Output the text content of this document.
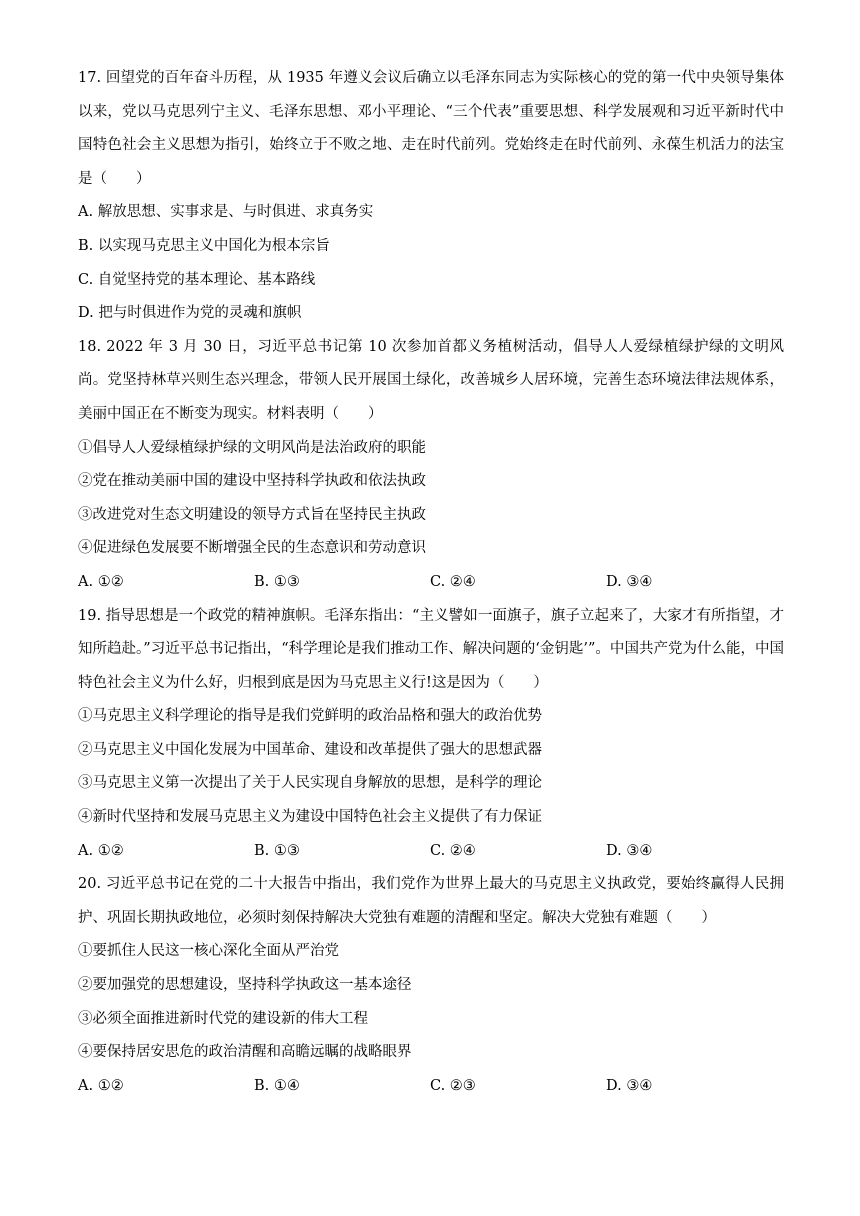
17. 回望党的百年奋斗历程，从 1935 年遵义会议后确立以毛泽东同志为实际核心的党的第一代中央领导集体以来，党以马克思列宁主义、毛泽东思想、邓小平理论、“三个代表”重要思想、科学发展观和习近平新时代中国特色社会主义思想为指引，始终立于不败之地、走在时代前列。党始终走在时代前列、永葆生机活力的法宝是（　　）

A. 解放思想、实事求是、与时俱进、求真务实

B. 以实现马克思主义中国化为根本宗旨

C. 自觉坚持党的基本理论、基本路线

D. 把与时俱进作为党的灵魂和旗帜

18. 2022 年 3 月 30 日，习近平总书记第 10 次参加首都义务植树活动，倡导人人爱绿植绿护绿的文明风尚。党坚持林草兴则生态兴理念，带领人民开展国土绿化，改善城乡人居环境，完善生态环境法律法规体系，美丽中国正在不断变为现实。材料表明（　　）

①倡导人人爱绿植绿护绿的文明风尚是法治政府的职能

②党在推动美丽中国的建设中坚持科学执政和依法执政

③改进党对生态文明建设的领导方式旨在坚持民主执政

④促进绿色发展要不断增强全民的生态意识和劳动意识

A. ①②	B. ①③	C. ②④	D. ③④

19. 指导思想是一个政党的精神旗帜。毛泽东指出：“主义譬如一面旗子，旗子立起来了，大家才有所指望，才知所趋赴。”习近平总书记指出，“科学理论是我们推动工作、解决问题的‘金钥匙’”。中国共产党为什么能，中国特色社会主义为什么好，归根到底是因为马克思主义行!这是因为（　　）

①马克思主义科学理论的指导是我们党鲜明的政治品格和强大的政治优势

②马克思主义中国化发展为中国革命、建设和改革提供了强大的思想武器

③马克思主义第一次提出了关于人民实现自身解放的思想，是科学的理论

④新时代坚持和发展马克思主义为建设中国特色社会主义提供了有力保证

A. ①②	B. ①③	C. ②④	D. ③④

20. 习近平总书记在党的二十大报告中指出，我们党作为世界上最大的马克思主义执政党，要始终赢得人民拥护、巩固长期执政地位，必须时刻保持解决大党独有难题的清醒和坚定。解决大党独有难题（　　）

①要抓住人民这一核心深化全面从严治党

②要加强党的思想建设，坚持科学执政这一基本途径

③必须全面推进新时代党的建设新的伟大工程

④要保持居安思危的政治清醒和高瞻远瞩的战略眼界

A. ①②	B. ①④	C. ②③	D. ③④
